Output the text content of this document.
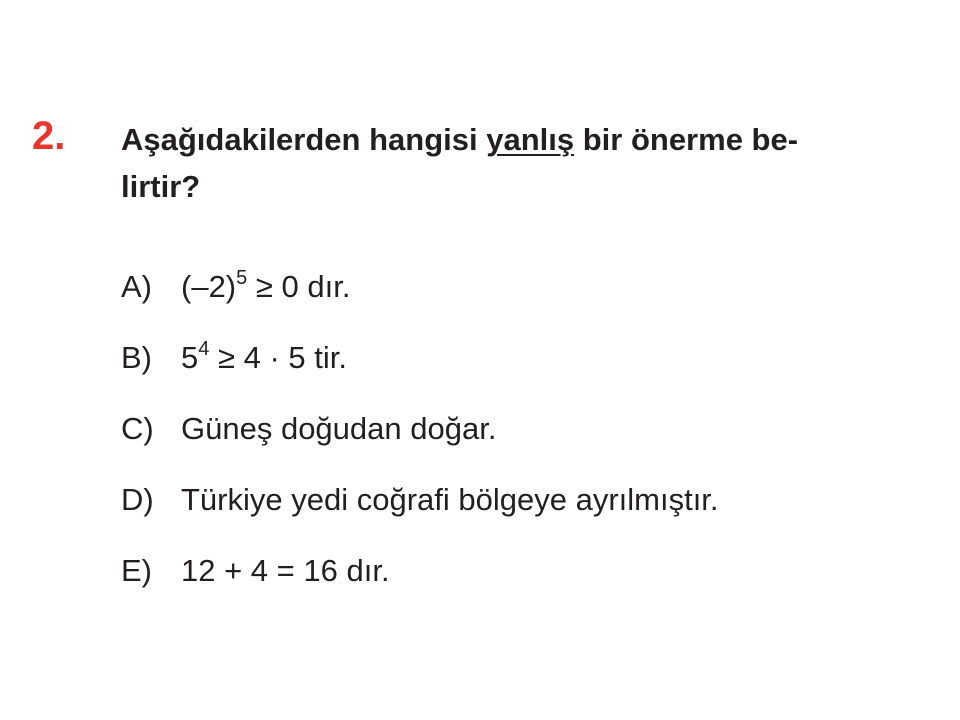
2. Aşağıdakilerden hangisi yanlış bir önerme be-
lirtir?
A) $(-2)^5 \ge 0$ dır.
B) $5^4 \ge 4 \cdot 5$ tir.
C) Güneş doğudan doğar.
D) Türkiye yedi coğrafi bölgeye ayrılmıştır.
E) 12 + 4 = 16 dır.
